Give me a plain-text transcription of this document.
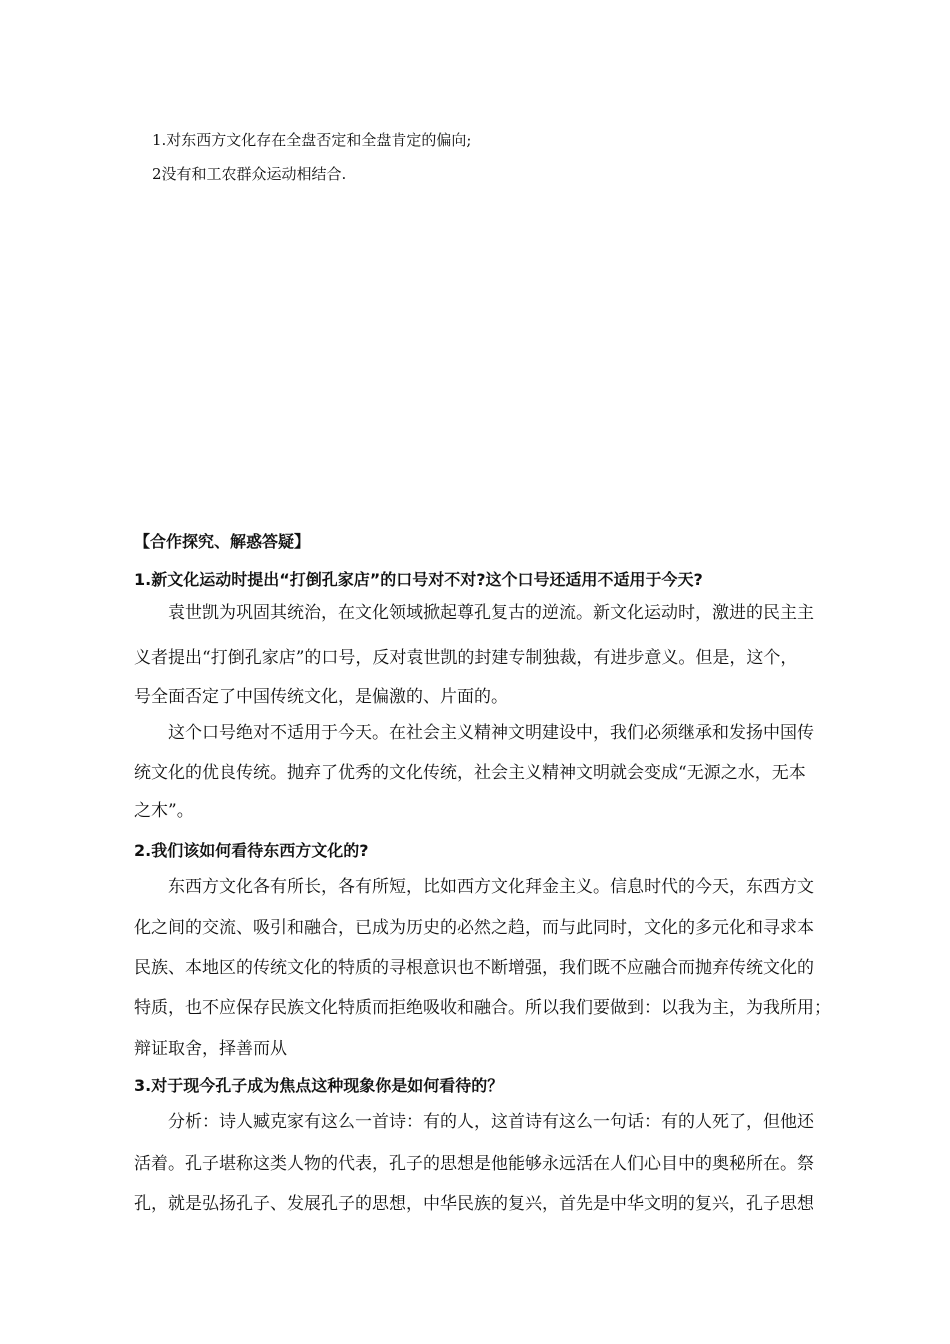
1.对东西方文化存在全盘否定和全盘肯定的偏向;
2没有和工农群众运动相结合.
【合作探究、解惑答疑】
1.新文化运动时提出“打倒孔家店”的口号对不对?这个口号还适用不适用于今天?
袁世凯为巩固其统治，在文化领域掀起尊孔复古的逆流。新文化运动时，激进的民主主
义者提出“打倒孔家店”的口号，反对袁世凯的封建专制独裁，有进步意义。但是，这个，
号全面否定了中国传统文化，是偏激的、片面的。
这个口号绝对不适用于今天。在社会主义精神文明建设中，我们必须继承和发扬中国传
统文化的优良传统。抛弃了优秀的文化传统，社会主义精神文明就会变成“无源之水，无本
之木”。
2.我们该如何看待东西方文化的?
东西方文化各有所长，各有所短，比如西方文化拜金主义。信息时代的今天，东西方文
化之间的交流、吸引和融合，已成为历史的必然之趋，而与此同时，文化的多元化和寻求本
民族、本地区的传统文化的特质的寻根意识也不断增强，我们既不应融合而抛弃传统文化的
特质，也不应保存民族文化特质而拒绝吸收和融合。所以我们要做到：以我为主，为我所用；
辩证取舍，择善而从
3.对于现今孔子成为焦点这种现象你是如何看待的？
分析：诗人臧克家有这么一首诗：有的人，这首诗有这么一句话：有的人死了，但他还
活着。孔子堪称这类人物的代表，孔子的思想是他能够永远活在人们心目中的奥秘所在。祭
孔，就是弘扬孔子、发展孔子的思想，中华民族的复兴，首先是中华文明的复兴，孔子思想
